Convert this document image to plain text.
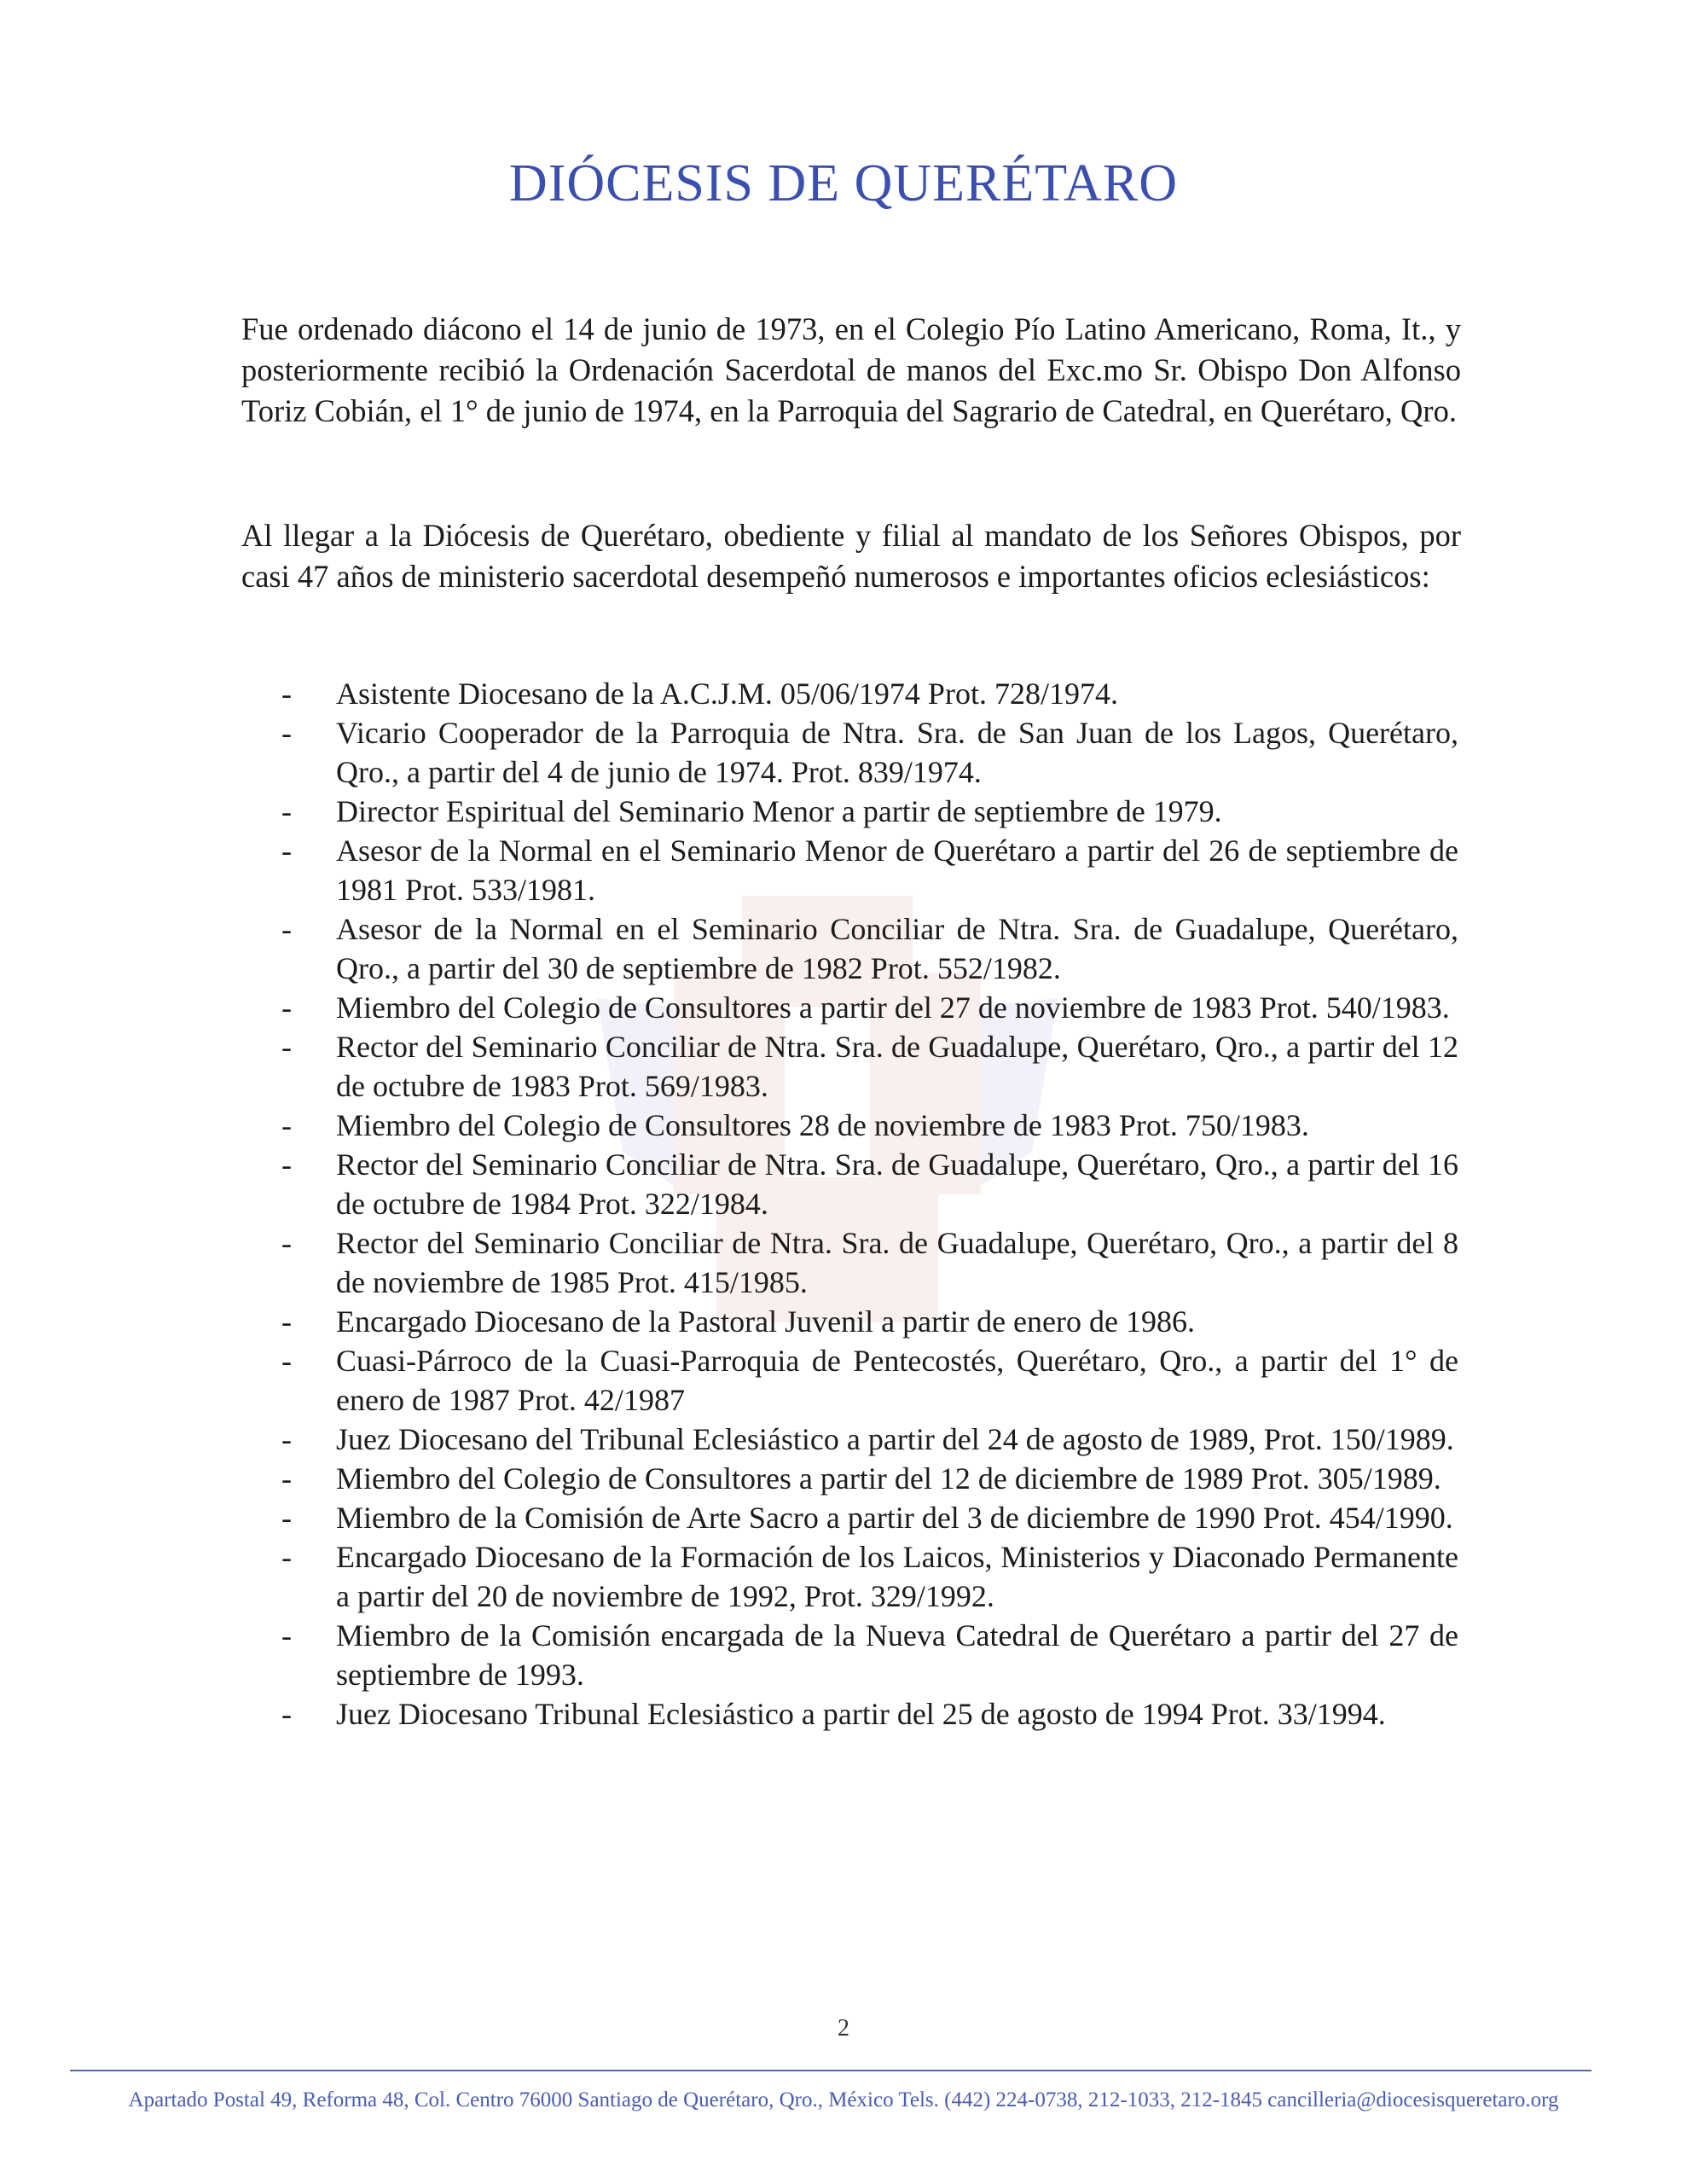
DIÓCESIS DE QUERÉTARO

Fue ordenado diácono el 14 de junio de 1973, en el Colegio Pío Latino Americano, Roma, It., y posteriormente recibió la Ordenación Sacerdotal de manos del Exc.mo Sr. Obispo Don Alfonso Toriz Cobián, el 1° de junio de 1974, en la Parroquia del Sagrario de Catedral, en Querétaro, Qro.

Al llegar a la Diócesis de Querétaro, obediente y filial al mandato de los Señores Obispos, por casi 47 años de ministerio sacerdotal desempeñó numerosos e importantes oficios eclesiásticos:

-	Asistente Diocesano de la A.C.J.M. 05/06/1974 Prot. 728/1974.
-	Vicario Cooperador de la Parroquia de Ntra. Sra. de San Juan de los Lagos, Querétaro, Qro., a partir del 4 de junio de 1974. Prot. 839/1974.
-	Director Espiritual del Seminario Menor a partir de septiembre de 1979.
-	Asesor de la Normal en el Seminario Menor de Querétaro a partir del 26 de septiembre de 1981 Prot. 533/1981.
-	Asesor de la Normal en el Seminario Conciliar de Ntra. Sra. de Guadalupe, Querétaro, Qro., a partir del 30 de septiembre de 1982 Prot. 552/1982.
-	Miembro del Colegio de Consultores a partir del 27 de noviembre de 1983 Prot. 540/1983.
-	Rector del Seminario Conciliar de Ntra. Sra. de Guadalupe, Querétaro, Qro., a partir del 12 de octubre de 1983 Prot. 569/1983.
-	Miembro del Colegio de Consultores 28 de noviembre de 1983 Prot. 750/1983.
-	Rector del Seminario Conciliar de Ntra. Sra. de Guadalupe, Querétaro, Qro., a partir del 16 de octubre de 1984 Prot. 322/1984.
-	Rector del Seminario Conciliar de Ntra. Sra. de Guadalupe, Querétaro, Qro., a partir del 8 de noviembre de 1985 Prot. 415/1985.
-	Encargado Diocesano de la Pastoral Juvenil a partir de enero de 1986.
-	Cuasi-Párroco de la Cuasi-Parroquia de Pentecostés, Querétaro, Qro., a partir del 1° de enero de 1987 Prot. 42/1987
-	Juez Diocesano del Tribunal Eclesiástico a partir del 24 de agosto de 1989, Prot. 150/1989.
-	Miembro del Colegio de Consultores a partir del 12 de diciembre de 1989 Prot. 305/1989.
-	Miembro de la Comisión de Arte Sacro a partir del 3 de diciembre de 1990 Prot. 454/1990.
-	Encargado Diocesano de la Formación de los Laicos, Ministerios y Diaconado Permanente a partir del 20 de noviembre de 1992, Prot. 329/1992.
-	Miembro de la Comisión encargada de la Nueva Catedral de Querétaro a partir del 27 de septiembre de 1993.
-	Juez Diocesano Tribunal Eclesiástico a partir del 25 de agosto de 1994 Prot. 33/1994.
2
Apartado Postal 49, Reforma 48, Col. Centro 76000 Santiago de Querétaro, Qro., México Tels. (442) 224-0738, 212-1033, 212-1845 cancilleria@diocesisqueretaro.org
